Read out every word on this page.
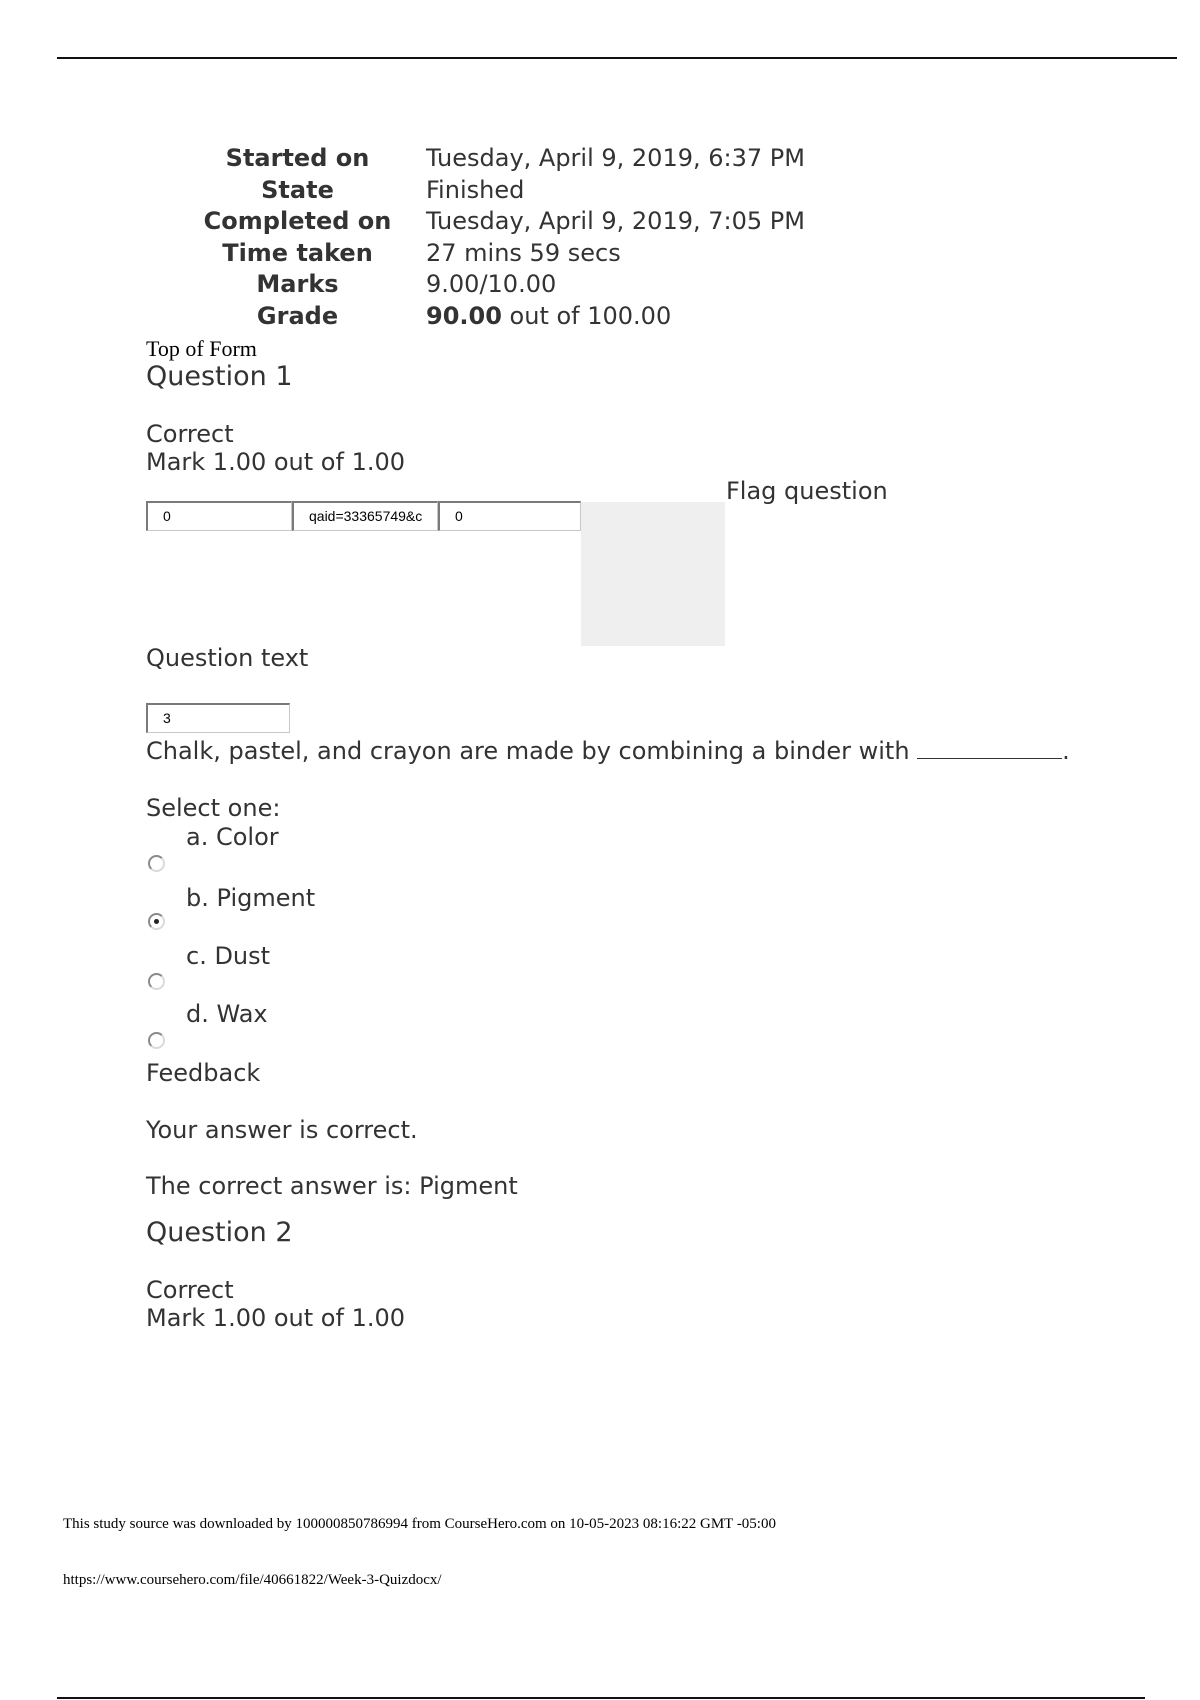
Started on	Tuesday, April 9, 2019, 6:37 PM
State	Finished
Completed on	Tuesday, April 9, 2019, 7:05 PM
Time taken	27 mins 59 secs
Marks	9.00/10.00
Grade	90.00 out of 100.00
Top of Form
Question 1
Correct
Mark 1.00 out of 1.00
Flag question
0	qaid=33365749&c	0
Question text
3
Chalk, pastel, and crayon are made by combining a binder with	.
Select one:
a. Color
b. Pigment
c. Dust
d. Wax
Feedback
Your answer is correct.
The correct answer is: Pigment
Question 2
Correct
Mark 1.00 out of 1.00
This study source was downloaded by 100000850786994 from CourseHero.com on 10-05-2023 08:16:22 GMT -05:00
https://www.coursehero.com/file/40661822/Week-3-Quizdocx/
